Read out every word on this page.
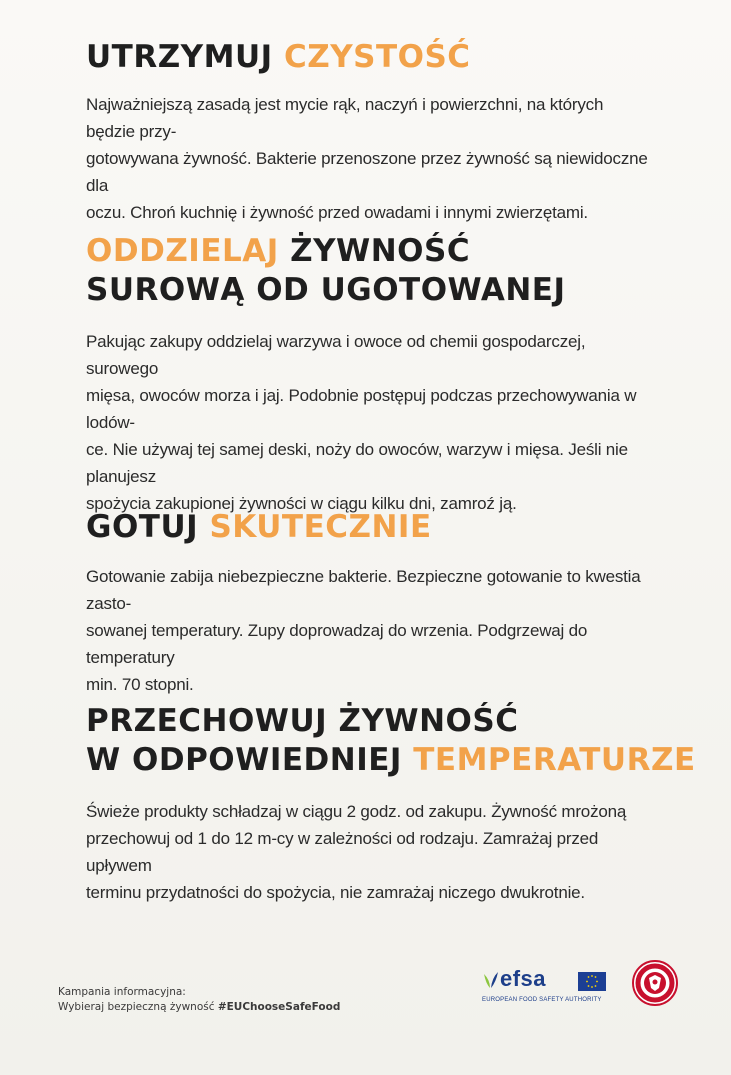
UTRZYMUJ CZYSTOŚĆ

Najważniejszą zasadą jest mycie rąk, naczyń i powierzchni, na których będzie przy-
gotowywana żywność. Bakterie przenoszone przez żywność są niewidoczne dla
oczu. Chroń kuchnię i żywność przed owadami i innymi zwierzętami.

ODDZIELAJ ŻYWNOŚĆ
SUROWĄ OD UGOTOWANEJ

Pakując zakupy oddzielaj warzywa i owoce od chemii gospodarczej, surowego
mięsa, owoców morza i jaj. Podobnie postępuj podczas przechowywania w lodów-
ce. Nie używaj tej samej deski, noży do owoców, warzyw i mięsa. Jeśli nie planujesz
spożycia zakupionej żywności w ciągu kilku dni, zamroź ją.

GOTUJ SKUTECZNIE

Gotowanie zabija niebezpieczne bakterie. Bezpieczne gotowanie to kwestia zasto-
sowanej temperatury. Zupy doprowadzaj do wrzenia. Podgrzewaj do temperatury
min. 70 stopni.

PRZECHOWUJ ŻYWNOŚĆ
W ODPOWIEDNIEJ TEMPERATURZE

Świeże produkty schładzaj w ciągu 2 godz. od zakupu. Żywność mrożoną
przechowuj od 1 do 12 m-cy w zależności od rodzaju. Zamrażaj przed upływem
terminu przydatności do spożycia, nie zamrażaj niczego dwukrotnie.

Kampania informacyjna:
Wybieraj bezpieczną żywność #EUChooseSafeFood
efsa
EUROPEAN FOOD SAFETY AUTHORITY
